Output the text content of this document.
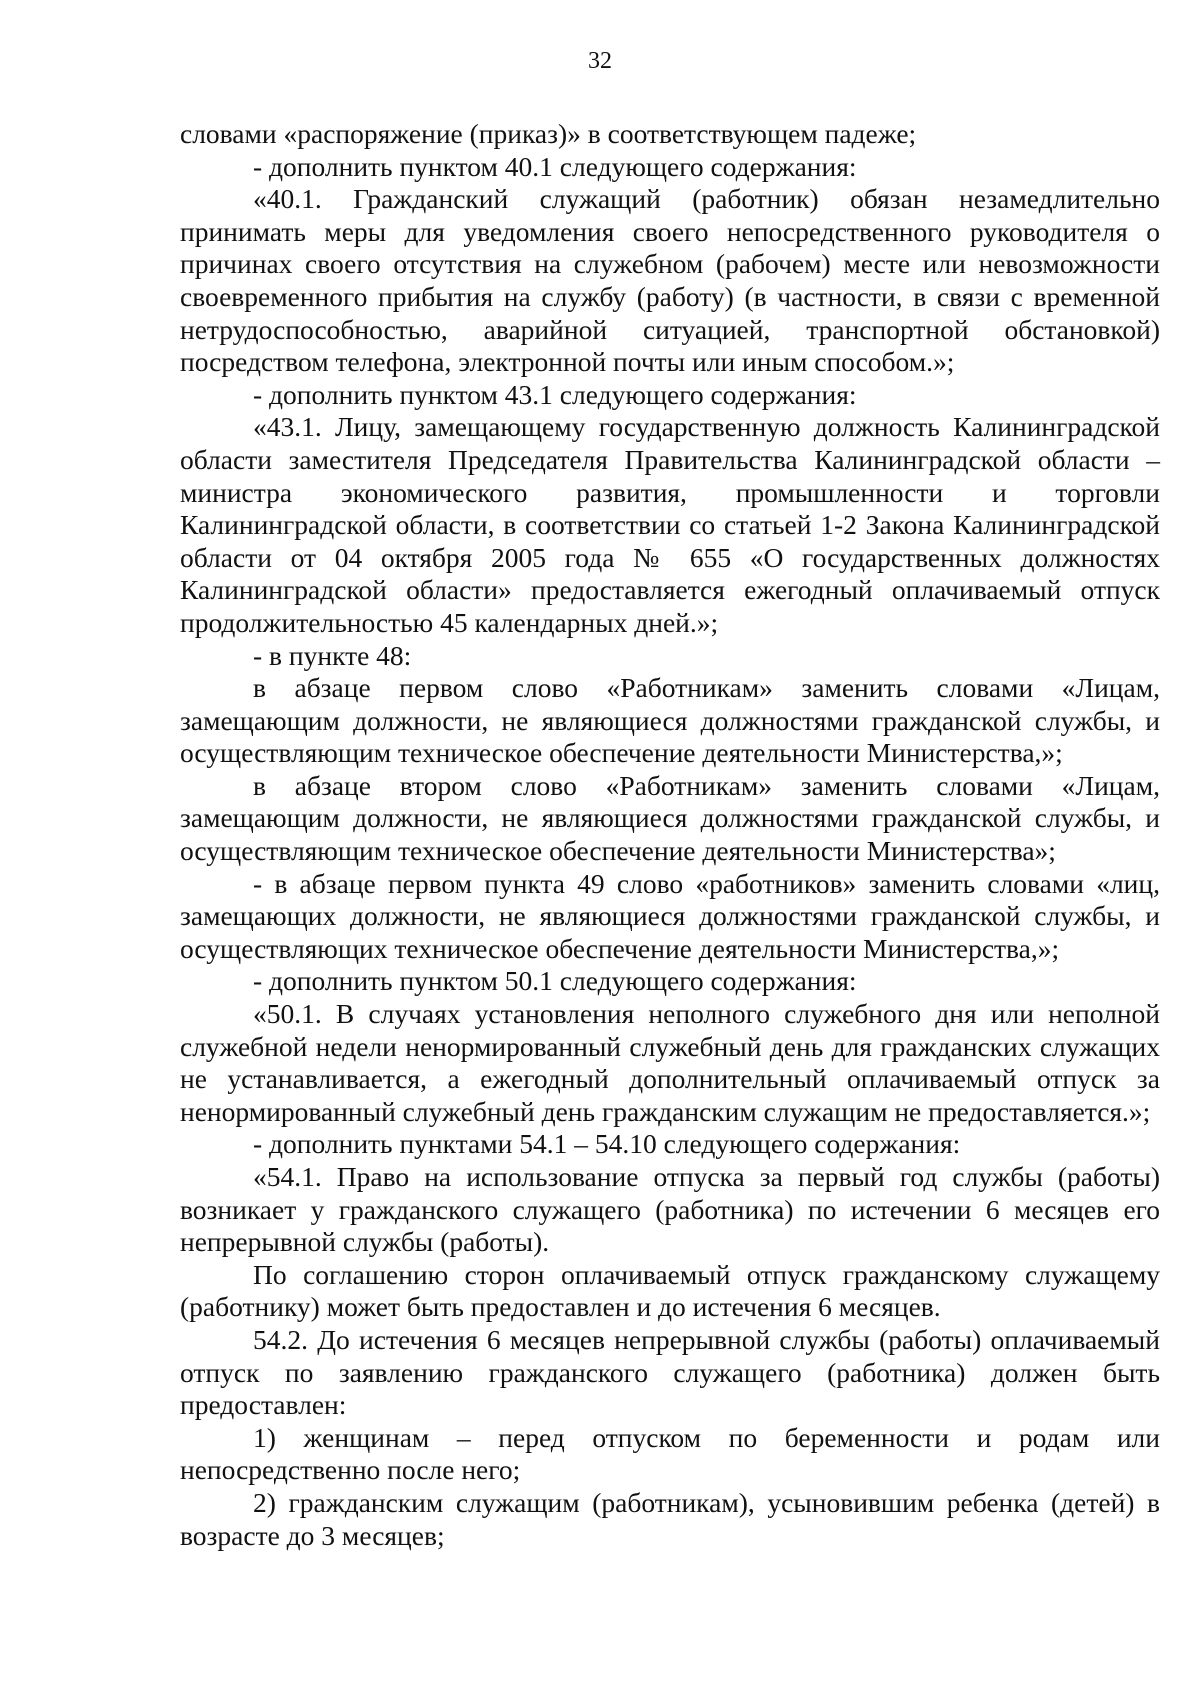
32

словами «распоряжение (приказ)» в соответствующем падеже;

- дополнить пунктом 40.1 следующего содержания:

«40.1. Гражданский служащий (работник) обязан незамедлительно принимать меры для уведомления своего непосредственного руководителя о причинах своего отсутствия на служебном (рабочем) месте или невозможности своевременного прибытия на службу (работу) (в частности, в связи с временной нетрудоспособностью, аварийной ситуацией, транспортной обстановкой) посредством телефона, электронной почты или иным способом.»;

- дополнить пунктом 43.1 следующего содержания:

«43.1. Лицу, замещающему государственную должность Калининградской области заместителя Председателя Правительства Калининградской области – министра экономического развития, промышленности и торговли Калининградской области, в соответствии со статьей 1-2 Закона Калининградской области от 04 октября 2005 года № 655 «О государственных должностях Калининградской области» предоставляется ежегодный оплачиваемый отпуск продолжительностью 45 календарных дней.»;

- в пункте 48:

в абзаце первом слово «Работникам» заменить словами «Лицам, замещающим должности, не являющиеся должностями гражданской службы, и осуществляющим техническое обеспечение деятельности Министерства,»;

в абзаце втором слово «Работникам» заменить словами «Лицам, замещающим должности, не являющиеся должностями гражданской службы, и осуществляющим техническое обеспечение деятельности Министерства»;

- в абзаце первом пункта 49 слово «работников» заменить словами «лиц, замещающих должности, не являющиеся должностями гражданской службы, и осуществляющих техническое обеспечение деятельности Министерства,»;

- дополнить пунктом 50.1 следующего содержания:

«50.1. В случаях установления неполного служебного дня или неполной служебной недели ненормированный служебный день для гражданских служащих не устанавливается, а ежегодный дополнительный оплачиваемый отпуск за ненормированный служебный день гражданским служащим не предоставляется.»;

- дополнить пунктами 54.1 – 54.10 следующего содержания:

«54.1. Право на использование отпуска за первый год службы (работы) возникает у гражданского служащего (работника) по истечении 6 месяцев его непрерывной службы (работы).

По соглашению сторон оплачиваемый отпуск гражданскому служащему (работнику) может быть предоставлен и до истечения 6 месяцев.

54.2. До истечения 6 месяцев непрерывной службы (работы) оплачиваемый отпуск по заявлению гражданского служащего (работника) должен быть предоставлен:

1) женщинам – перед отпуском по беременности и родам или непосредственно после него;

2) гражданским служащим (работникам), усыновившим ребенка (детей) в возрасте до 3 месяцев;
